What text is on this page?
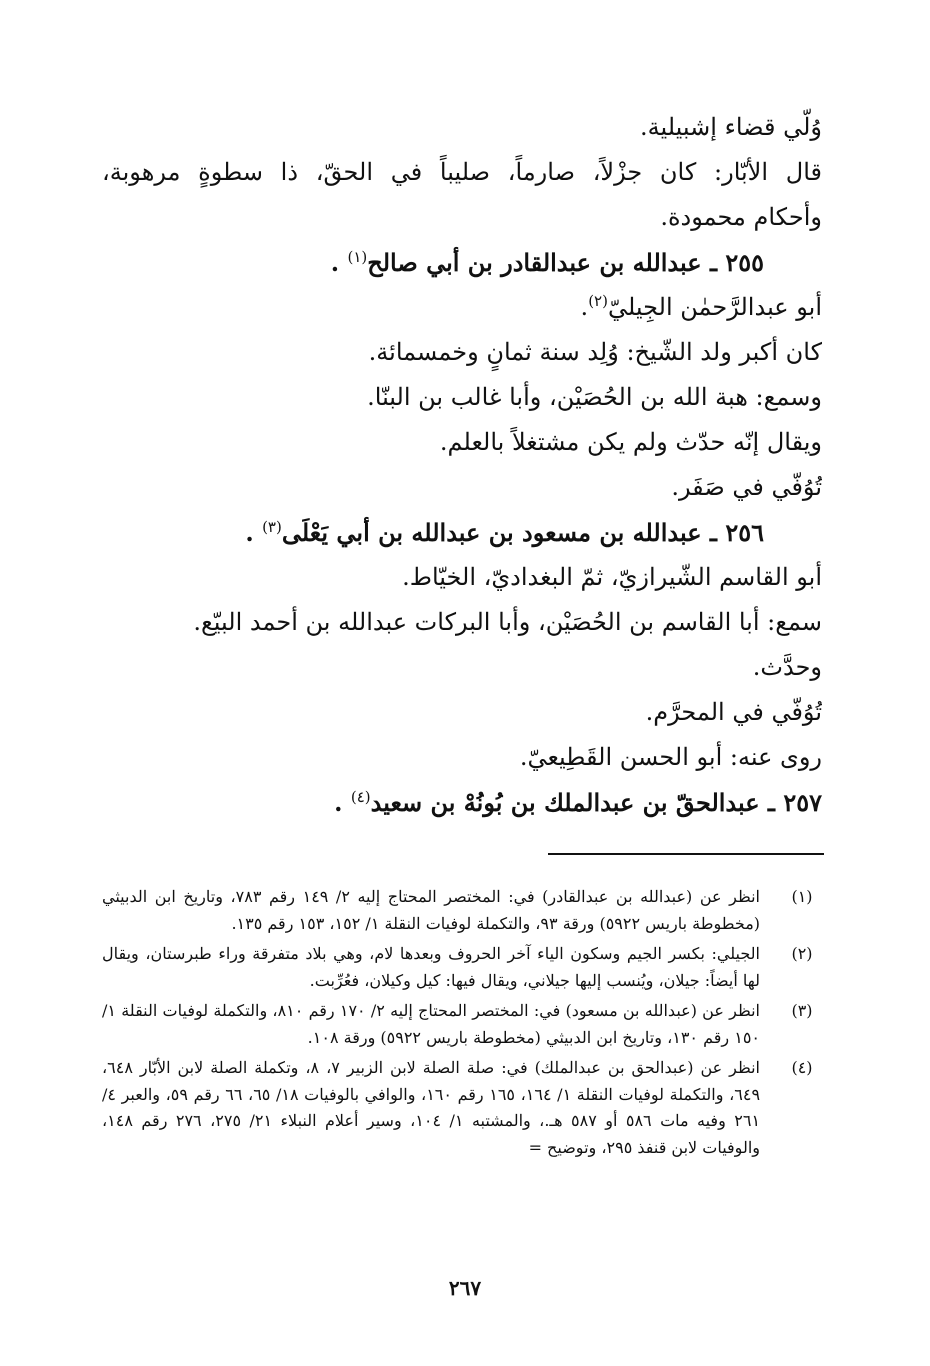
وُلّي قضاء إشبيلية.
قال الأبّار: كان جزْلاً، صارماً، صليباً في الحقّ، ذا سطوةٍ مرهوبة،
وأحكام محمودة.
٢٥٥ ـ عبدالله بن عبدالقادر بن أبي صالح$^{(١)}$ .
أبو عبدالرَّحمٰن الجِيليّ$^{(٢)}$.
كان أكبر ولد الشّيخ: وُلِد سنة ثمانٍ وخمسمائة.
وسمع: هبة الله بن الحُصَيْن، وأبا غالب بن البنّا.
ويقال إنّه حدّث ولم يكن مشتغلاً بالعلم.
تُوُفّي في صَفَر.
٢٥٦ ـ عبدالله بن مسعود بن عبدالله بن أبي يَعْلَى$^{(٣)}$ .
أبو القاسم الشّيرازيّ، ثمّ البغداديّ، الخيّاط.
سمع: أبا القاسم بن الحُصَيْن، وأبا البركات عبدالله بن أحمد البيّع.
وحدَّث.
تُوُفّي في المحرَّم.
روى عنه: أبو الحسن القَطِيعيّ.
٢٥٧ ـ عبدالحقّ بن عبدالملك بن بُونُهْ بن سعيد$^{(٤)}$ .
(١)
انظر عن (عبدالله بن عبدالقادر) في: المختصر المحتاج إليه ٢/ ١٤٩ رقم ٧٨٣، وتاريخ ابن الدبيثي (مخطوطة باريس ٥٩٢٢) ورقة ٩٣، والتكملة لوفيات النقلة ١/ ١٥٢، ١٥٣ رقم ١٣٥.
(٢)
الجيلي: بكسر الجيم وسكون الياء آخر الحروف وبعدها لام، وهي بلاد متفرقة وراء طبرستان، ويقال لها أيضاً: جيلان، ويُنسب إليها جيلاني، ويقال فيها: كيل وكيلان، فعُرِّبت.
(٣)
انظر عن (عبدالله بن مسعود) في: المختصر المحتاج إليه ٢/ ١٧٠ رقم ٨١٠، والتكملة لوفيات النقلة ١/ ١٥٠ رقم ١٣٠، وتاريخ ابن الدبيثي (مخطوطة باريس ٥٩٢٢) ورقة ١٠٨.
(٤)
انظر عن (عبدالحق بن عبدالملك) في: صلة الصلة لابن الزبير ٧، ٨، وتكملة الصلة لابن الأبّار ٦٤٨، ٦٤٩، والتكملة لوفيات النقلة ١/ ١٦٤، ١٦٥ رقم ١٦٠، والوافي بالوفيات ١٨/ ٦٥، ٦٦ رقم ٥٩، والعبر ٤/ ٢٦١ وفيه مات ٥٨٦ أو ٥٨٧ هـ.، والمشتبه ١/ ١٠٤، وسير أعلام النبلاء ٢١/ ٢٧٥، ٢٧٦ رقم ١٤٨، والوفيات لابن قنفذ ٢٩٥، وتوضيح =
٢٦٧
